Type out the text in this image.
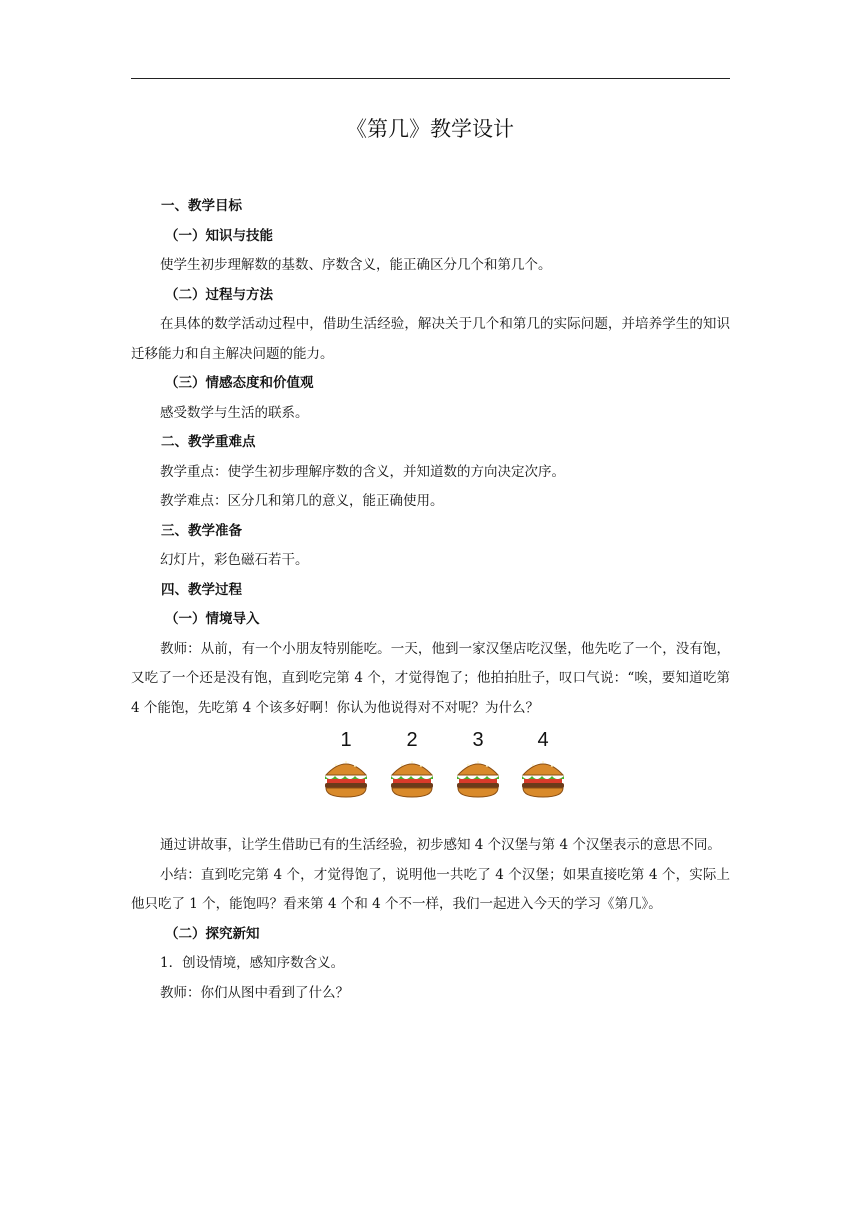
《第几》教学设计
一、教学目标
（一）知识与技能
使学生初步理解数的基数、序数含义，能正确区分几个和第几个。
（二）过程与方法
在具体的数学活动过程中，借助生活经验，解决关于几个和第几的实际问题，并培养学生的知识迁移能力和自主解决问题的能力。
（三）情感态度和价值观
感受数学与生活的联系。
二、教学重难点
教学重点：使学生初步理解序数的含义，并知道数的方向决定次序。
教学难点：区分几和第几的意义，能正确使用。
三、教学准备
幻灯片，彩色磁石若干。
四、教学过程
（一）情境导入
教师：从前，有一个小朋友特别能吃。一天，他到一家汉堡店吃汉堡，他先吃了一个，没有饱，又吃了一个还是没有饱，直到吃完第 4 个，才觉得饱了；他拍拍肚子，叹口气说：“唉，要知道吃第 4 个能饱，先吃第 4 个该多好啊！你认为他说得对不对呢？为什么？
1	2	3	4
通过讲故事，让学生借助已有的生活经验，初步感知 4 个汉堡与第 4 个汉堡表示的意思不同。
小结：直到吃完第 4 个，才觉得饱了，说明他一共吃了 4 个汉堡；如果直接吃第 4 个，实际上他只吃了 1 个，能饱吗？看来第 4 个和 4 个不一样，我们一起进入今天的学习《第几》。
（二）探究新知
1．创设情境，感知序数含义。
教师：你们从图中看到了什么？
